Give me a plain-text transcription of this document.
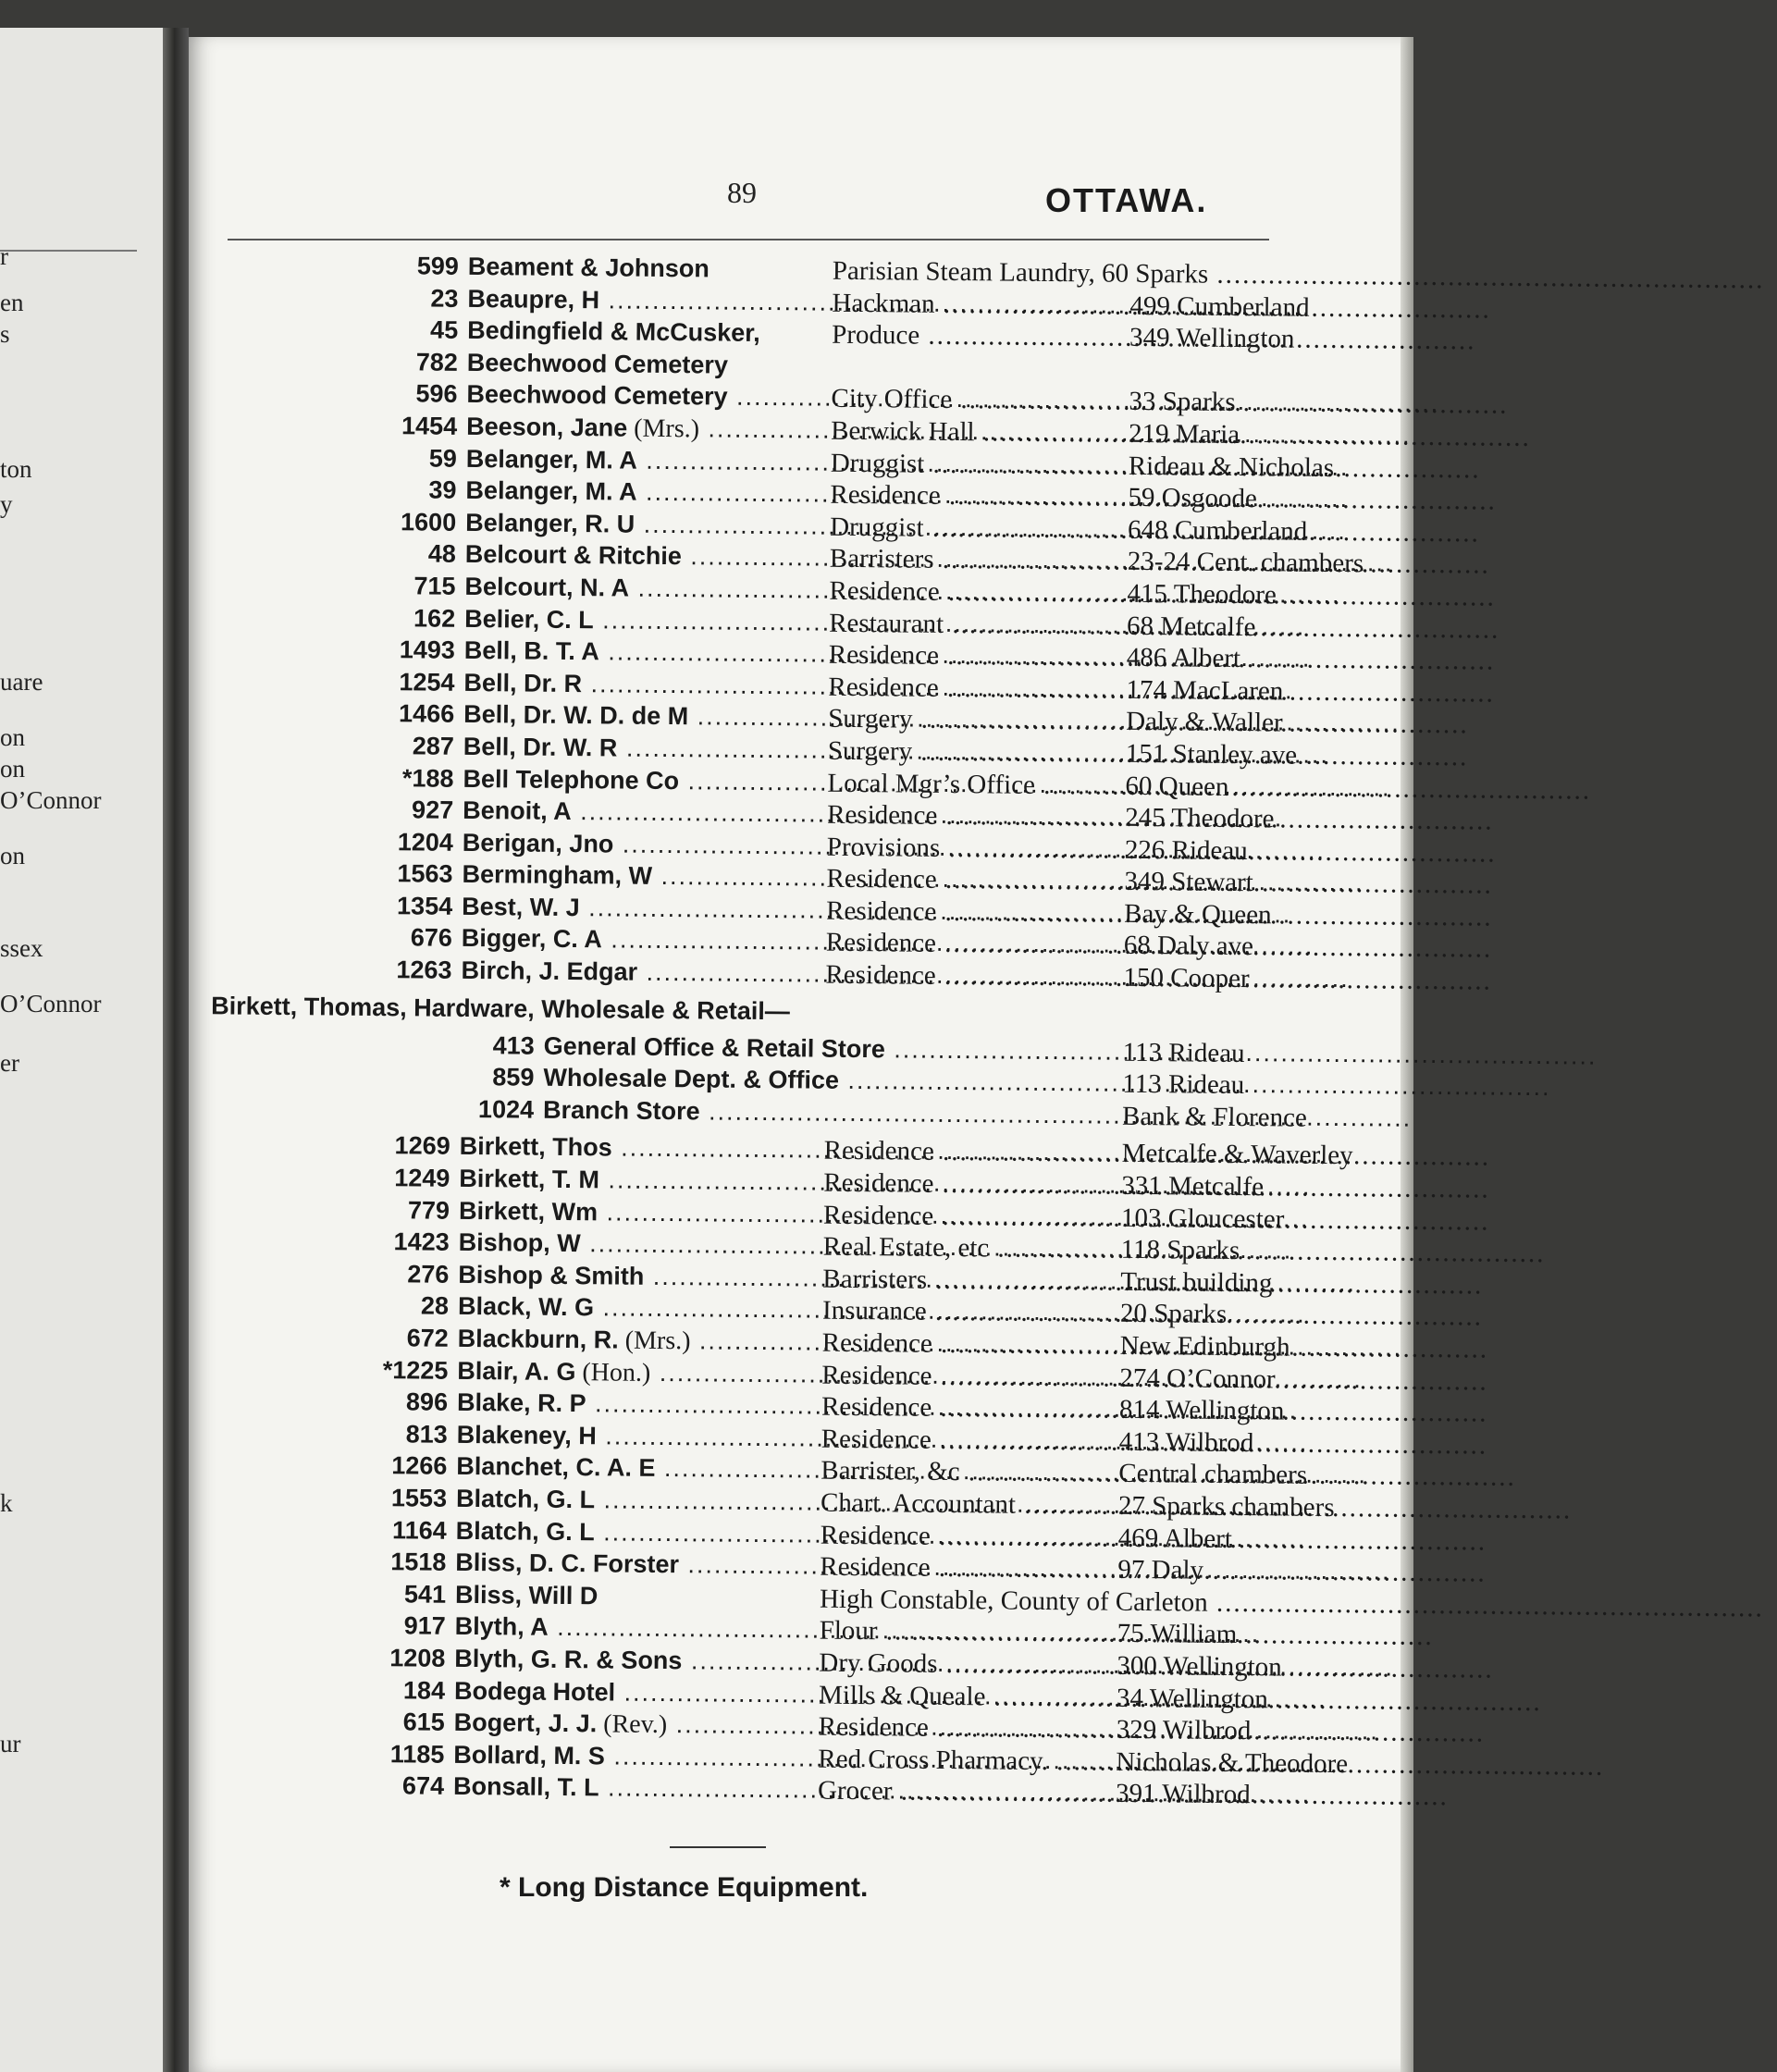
r
en
s
ton
y
uare
on
on
O’Connor
on
ssex
O’Connor
er
k
ur
89	OTTAWA.
599 Beament & Johnson	Parisian Steam Laundry, 60 Sparks .....
23 Beaupre, H .....	Hackman .....	499 Cumberland
45 Bedingfield & McCusker,	Produce .....	349 Wellington
782 Beechwood Cemetery
596 Beechwood Cemetery .....	City Office .....	33 Sparks
1454 Beeson, Jane (Mrs.) .....	Berwick Hall .....	219 Maria
59 Belanger, M. A .....	Druggist .....	Rideau & Nicholas
39 Belanger, M. A .....	Residence .....	59 Osgoode
1600 Belanger, R. U .....	Druggist .....	648 Cumberland
48 Belcourt & Ritchie .....	Barristers .....	23-24 Cent. chambers
715 Belcourt, N. A .....	Residence .....	415 Theodore
162 Belier, C. L .....	Restaurant .....	68 Metcalfe
1493 Bell, B. T. A .....	Residence .....	486 Albert
1254 Bell, Dr. R .....	Residence .....	174 MacLaren
1466 Bell, Dr. W. D. de M .....	Surgery .....	Daly & Waller
287 Bell, Dr. W. R .....	Surgery .....	151 Stanley ave
*188 Bell Telephone Co .....	Local Mgr’s Office .....	60 Queen
927 Benoit, A .....	Residence .....	245 Theodore
1204 Berigan, Jno .....	Provisions .....	226 Rideau
1563 Bermingham, W .....	Residence .....	349 Stewart
1354 Best, W. J .....	Residence .....	Bay & Queen
676 Bigger, C. A .....	Residence .....	68 Daly ave
1263 Birch, J. Edgar .....	Residence .....	150 Cooper
Birkett, Thomas, Hardware, Wholesale & Retail—
413 General Office & Retail Store .....	113 Rideau
859 Wholesale Dept. & Office .....	113 Rideau
1024 Branch Store .....	Bank & Florence
1269 Birkett, Thos .....	Residence .....	Metcalfe & Waverley
1249 Birkett, T. M .....	Residence .....	331 Metcalfe
779 Birkett, Wm .....	Residence .....	103 Gloucester
1423 Bishop, W .....	Real Estate, etc .....	118 Sparks
276 Bishop & Smith .....	Barristers .....	Trust building
28 Black, W. G .....	Insurance .....	20 Sparks
672 Blackburn, R. (Mrs.) .....	Residence .....	New Edinburgh
*1225 Blair, A. G (Hon.) .....	Residence .....	274 O’Connor
896 Blake, R. P .....	Residence .....	814 Wellington
813 Blakeney, H .....	Residence .....	413 Wilbrod
1266 Blanchet, C. A. E .....	Barrister, &c .....	Central chambers
1553 Blatch, G. L .....	Chart. Accountant .....	27 Sparks chambers
1164 Blatch, G. L .....	Residence .....	469 Albert
1518 Bliss, D. C. Forster .....	Residence .....	97 Daly
541 Bliss, Will D	High Constable, County of Carleton .....
917 Blyth, A .....	Flour .....	75 William
1208 Blyth, G. R. & Sons .....	Dry Goods .....	300 Wellington
184 Bodega Hotel .....	Mills & Queale .....	34 Wellington
615 Bogert, J. J. (Rev.) .....	Residence .....	329 Wilbrod
1185 Bollard, M. S .....	Red Cross Pharmacy. .....	Nicholas & Theodore
674 Bonsall, T. L .....	Grocer .....	391 Wilbrod
* Long Distance Equipment.
